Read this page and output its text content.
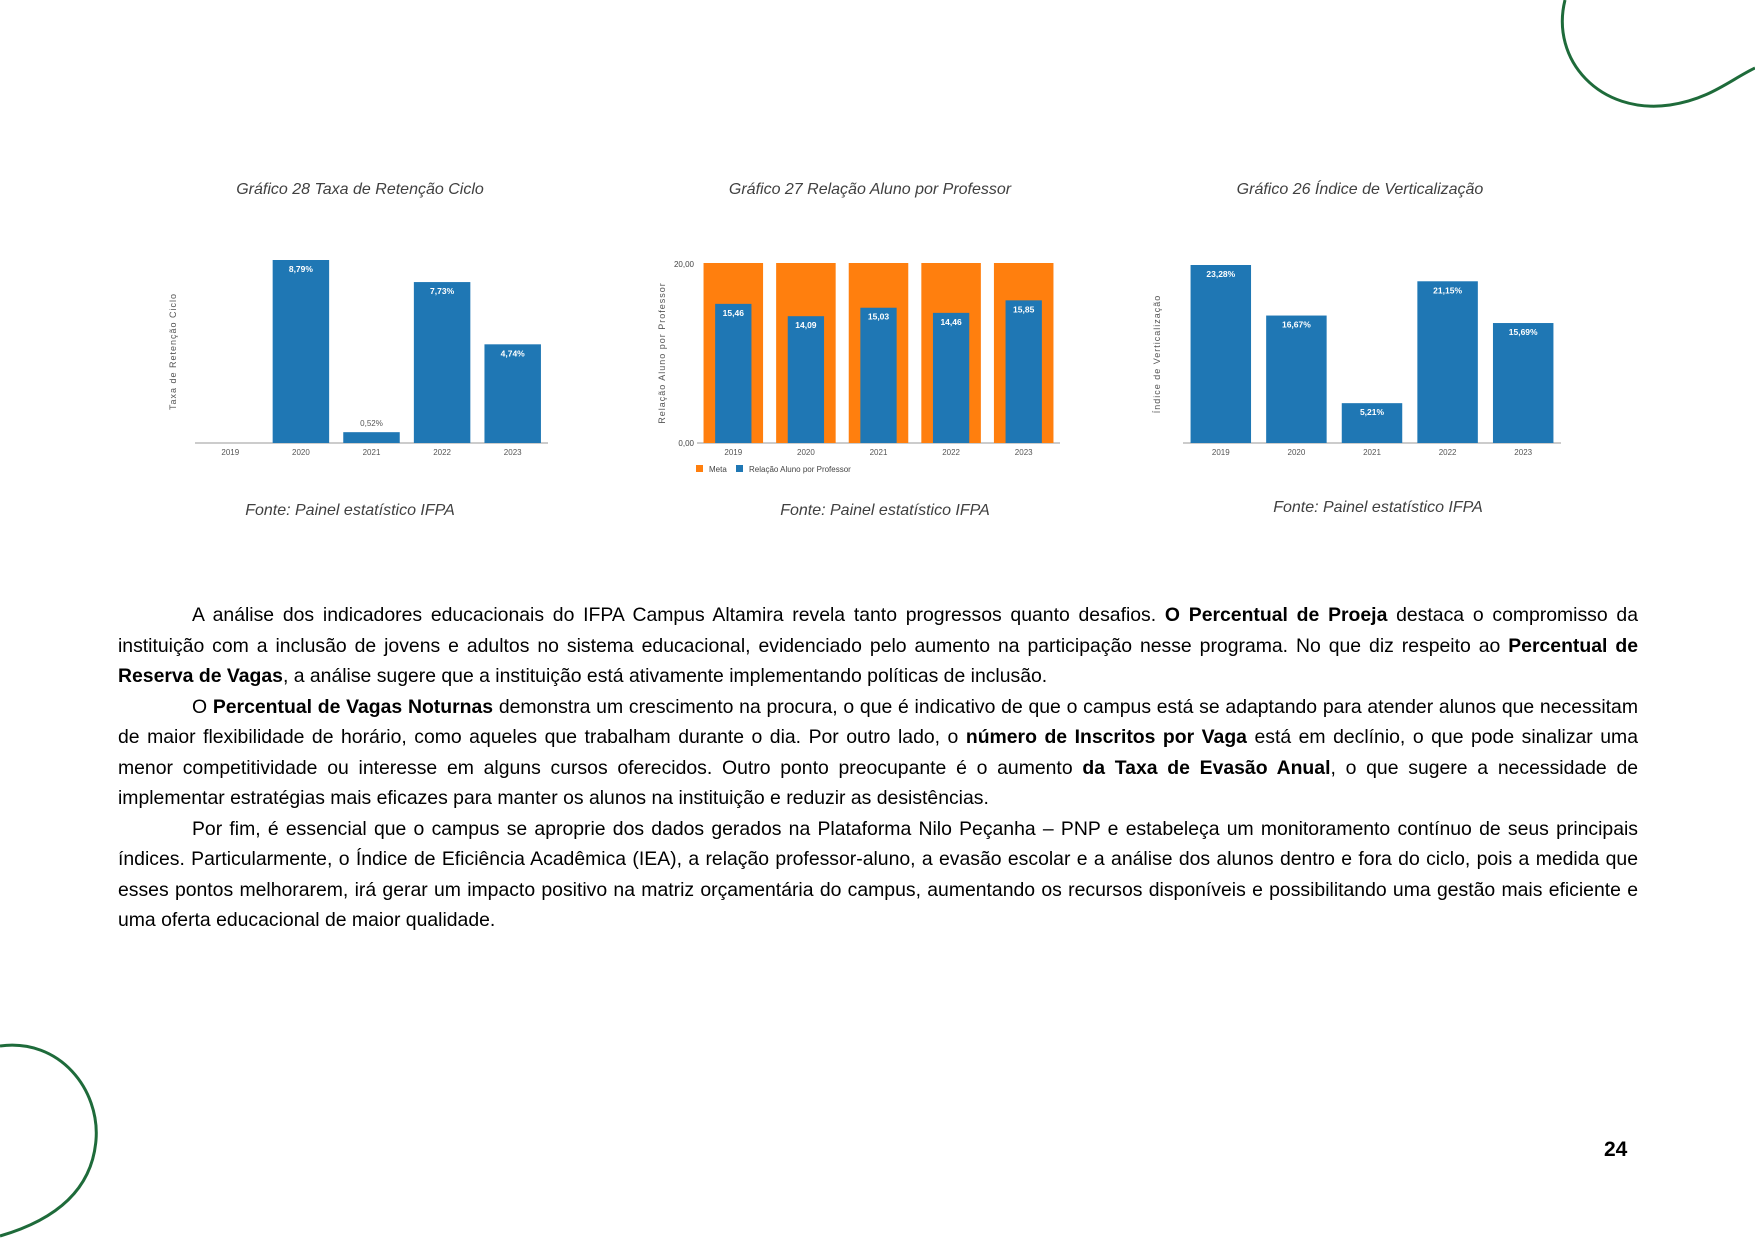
Gráfico 28 Taxa de Retenção Ciclo	Gráfico 27 Relação Aluno por Professor	Gráfico 26 Índice de Verticalização
Taxa de Retenção Ciclo
2019	2020
8,79%
2021
0,52%
2022
7,73%
2023
4,74%
20,00
0,00
Relação Aluno por Professor	15,46
2019
14,09
2020
15,03
2021
14,46
2022
15,85
2023
Meta	Relação Aluno por Professor
Índice de Verticalização
2019
23,28%
2020
16,67%
2021
5,21%
2022
21,15%
2023
15,69%
Fonte: Painel estatístico IFPA	Fonte: Painel estatístico IFPA	Fonte: Painel estatístico IFPA

A análise dos indicadores educacionais do IFPA Campus Altamira revela tanto progressos quanto desafios. O Percentual de Proeja destaca o compromisso da instituição com a inclusão de jovens e adultos no sistema educacional, evidenciado pelo aumento na participação nesse programa. No que diz respeito ao Percentual de Reserva de Vagas, a análise sugere que a instituição está ativamente implementando políticas de inclusão.

O Percentual de Vagas Noturnas demonstra um crescimento na procura, o que é indicativo de que o campus está se adaptando para atender alunos que necessitam de maior flexibilidade de horário, como aqueles que trabalham durante o dia. Por outro lado, o número de Inscritos por Vaga está em declínio, o que pode sinalizar uma menor competitividade ou interesse em alguns cursos oferecidos. Outro ponto preocupante é o aumento da Taxa de Evasão Anual, o que sugere a necessidade de implementar estratégias mais eficazes para manter os alunos na instituição e reduzir as desistências.

Por fim, é essencial que o campus se aproprie dos dados gerados na Plataforma Nilo Peçanha – PNP e estabeleça um monitoramento contínuo de seus principais índices. Particularmente, o Índice de Eficiência Acadêmica (IEA), a relação professor-aluno, a evasão escolar e a análise dos alunos dentro e fora do ciclo, pois a medida que esses pontos melhorarem, irá gerar um impacto positivo na matriz orçamentária do campus, aumentando os recursos disponíveis e possibilitando uma gestão mais eficiente e uma oferta educacional de maior qualidade.

24
